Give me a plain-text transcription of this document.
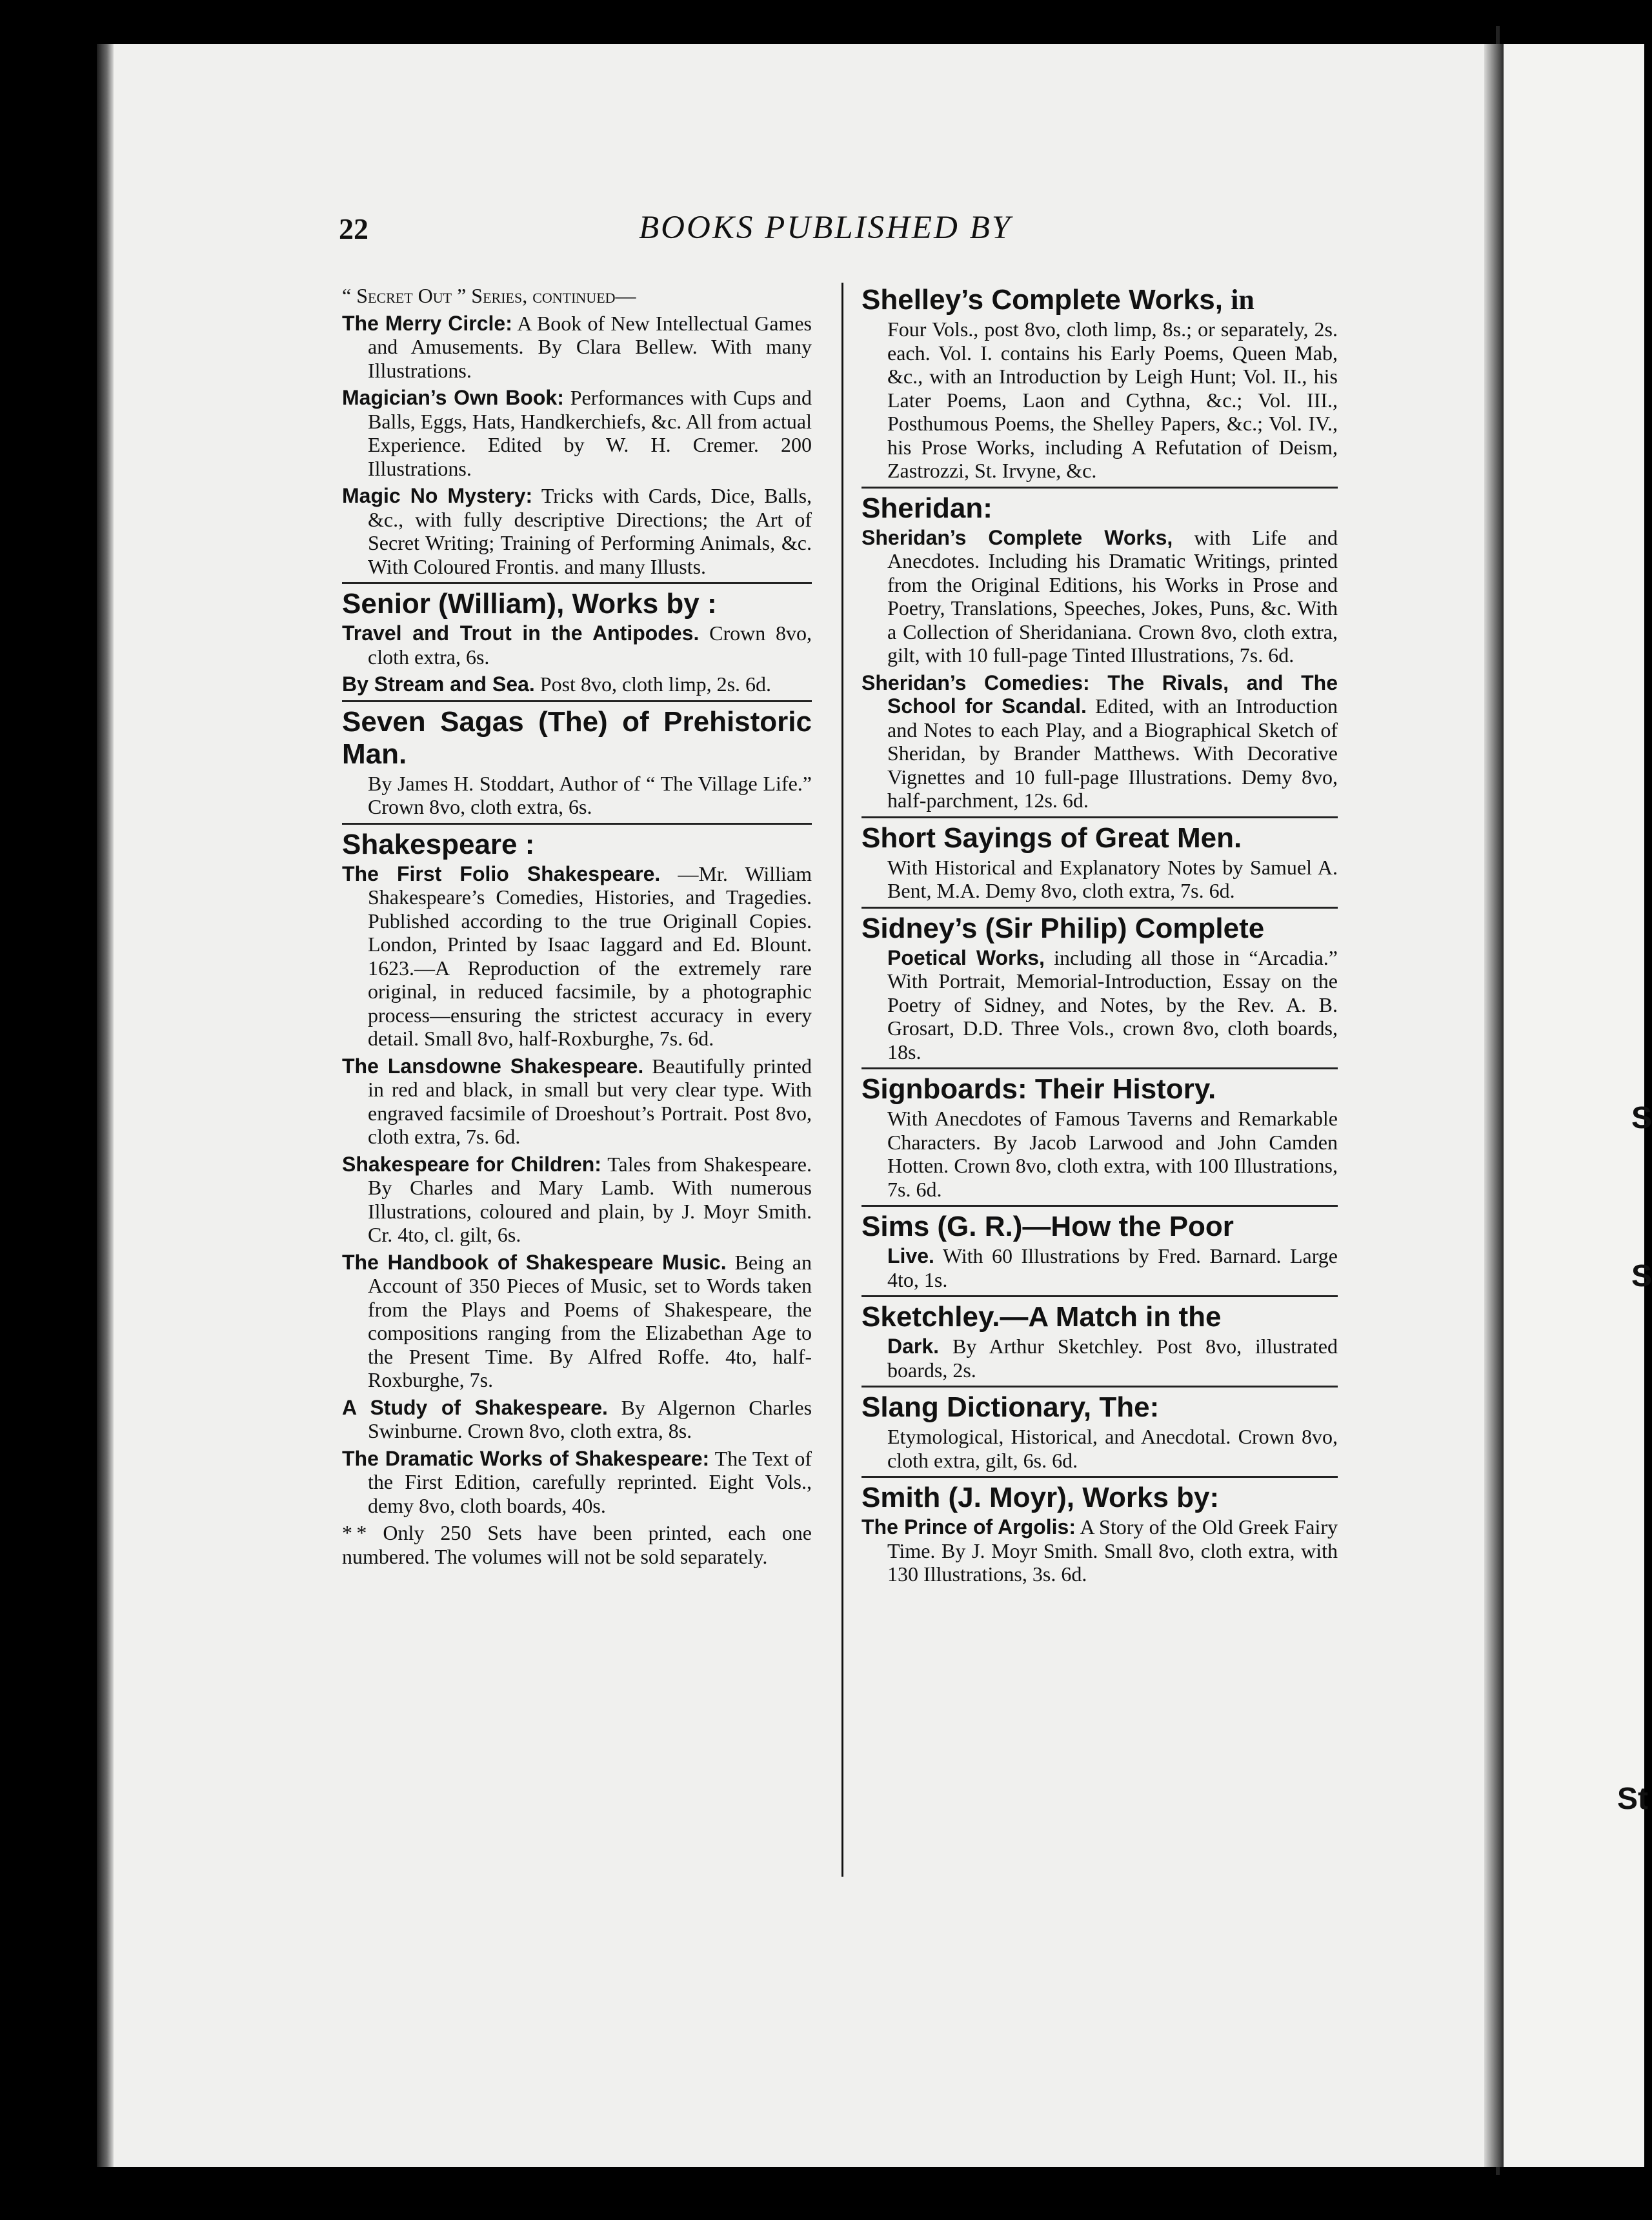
S
S
St
22	BOOKS PUBLISHED BY
“ Secret Out ” Series, continued—
The Merry Circle: A Book of New Intellectual Games and Amusements. By Clara Bellew. With many Illustrations.
Magician’s Own Book: Performances with Cups and Balls, Eggs, Hats, Handkerchiefs, &c. All from actual Experience. Edited by W. H. Cremer. 200 Illustrations.
Magic No Mystery: Tricks with Cards, Dice, Balls, &c., with fully descriptive Directions; the Art of Secret Writing; Training of Performing Animals, &c. With Coloured Frontis. and many Illusts.
Senior (William), Works by :
Travel and Trout in the Antipodes. Crown 8vo, cloth extra, 6s.
By Stream and Sea. Post 8vo, cloth limp, 2s. 6d.
Seven Sagas (The) of Prehistoric Man.
By James H. Stoddart, Author of “ The Village Life.” Crown 8vo, cloth extra, 6s.
Shakespeare :
The First Folio Shakespeare. —Mr. William Shakespeare’s Comedies, Histories, and Tragedies. Published according to the true Originall Copies. London, Printed by Isaac Iaggard and Ed. Blount. 1623.—A Reproduction of the extremely rare original, in reduced facsimile, by a photographic process—ensuring the strictest accuracy in every detail. Small 8vo, half-Roxburghe, 7s. 6d.
The Lansdowne Shakespeare. Beautifully printed in red and black, in small but very clear type. With engraved facsimile of Droeshout’s Portrait. Post 8vo, cloth extra, 7s. 6d.
Shakespeare for Children: Tales from Shakespeare. By Charles and Mary Lamb. With numerous Illustrations, coloured and plain, by J. Moyr Smith. Cr. 4to, cl. gilt, 6s.
The Handbook of Shakespeare Music. Being an Account of 350 Pieces of Music, set to Words taken from the Plays and Poems of Shakespeare, the compositions ranging from the Elizabethan Age to the Present Time. By Alfred Roffe. 4to, half-Roxburghe, 7s.
A Study of Shakespeare. By Algernon Charles Swinburne. Crown 8vo, cloth extra, 8s.
The Dramatic Works of Shakespeare: The Text of the First Edition, carefully reprinted. Eight Vols., demy 8vo, cloth boards, 40s.
* * Only 250 Sets have been printed, each one numbered. The volumes will not be sold separately.
Shelley’s Complete Works, in
Four Vols., post 8vo, cloth limp, 8s.; or separately, 2s. each. Vol. I. contains his Early Poems, Queen Mab, &c., with an Introduction by Leigh Hunt; Vol. II., his Later Poems, Laon and Cythna, &c.; Vol. III., Posthumous Poems, the Shelley Papers, &c.; Vol. IV., his Prose Works, including A Refutation of Deism, Zastrozzi, St. Irvyne, &c.
Sheridan:
Sheridan’s Complete Works, with Life and Anecdotes. Including his Dramatic Writings, printed from the Original Editions, his Works in Prose and Poetry, Translations, Speeches, Jokes, Puns, &c. With a Collection of Sheridaniana. Crown 8vo, cloth extra, gilt, with 10 full-page Tinted Illustrations, 7s. 6d.
Sheridan’s Comedies: The Rivals, and The School for Scandal. Edited, with an Introduction and Notes to each Play, and a Biographical Sketch of Sheridan, by Brander Matthews. With Decorative Vignettes and 10 full-page Illustrations. Demy 8vo, half-parchment, 12s. 6d.
Short Sayings of Great Men.
With Historical and Explanatory Notes by Samuel A. Bent, M.A. Demy 8vo, cloth extra, 7s. 6d.
Sidney’s (Sir Philip) Complete
Poetical Works, including all those in “Arcadia.” With Portrait, Memorial-Introduction, Essay on the Poetry of Sidney, and Notes, by the Rev. A. B. Grosart, D.D. Three Vols., crown 8vo, cloth boards, 18s.
Signboards: Their History.
With Anecdotes of Famous Taverns and Remarkable Characters. By Jacob Larwood and John Camden Hotten. Crown 8vo, cloth extra, with 100 Illustrations, 7s. 6d.
Sims (G. R.)—How the Poor
Live. With 60 Illustrations by Fred. Barnard. Large 4to, 1s.
Sketchley.—A Match in the
Dark. By Arthur Sketchley. Post 8vo, illustrated boards, 2s.
Slang Dictionary, The:
Etymological, Historical, and Anecdotal. Crown 8vo, cloth extra, gilt, 6s. 6d.
Smith (J. Moyr), Works by:
The Prince of Argolis: A Story of the Old Greek Fairy Time. By J. Moyr Smith. Small 8vo, cloth extra, with 130 Illustrations, 3s. 6d.
